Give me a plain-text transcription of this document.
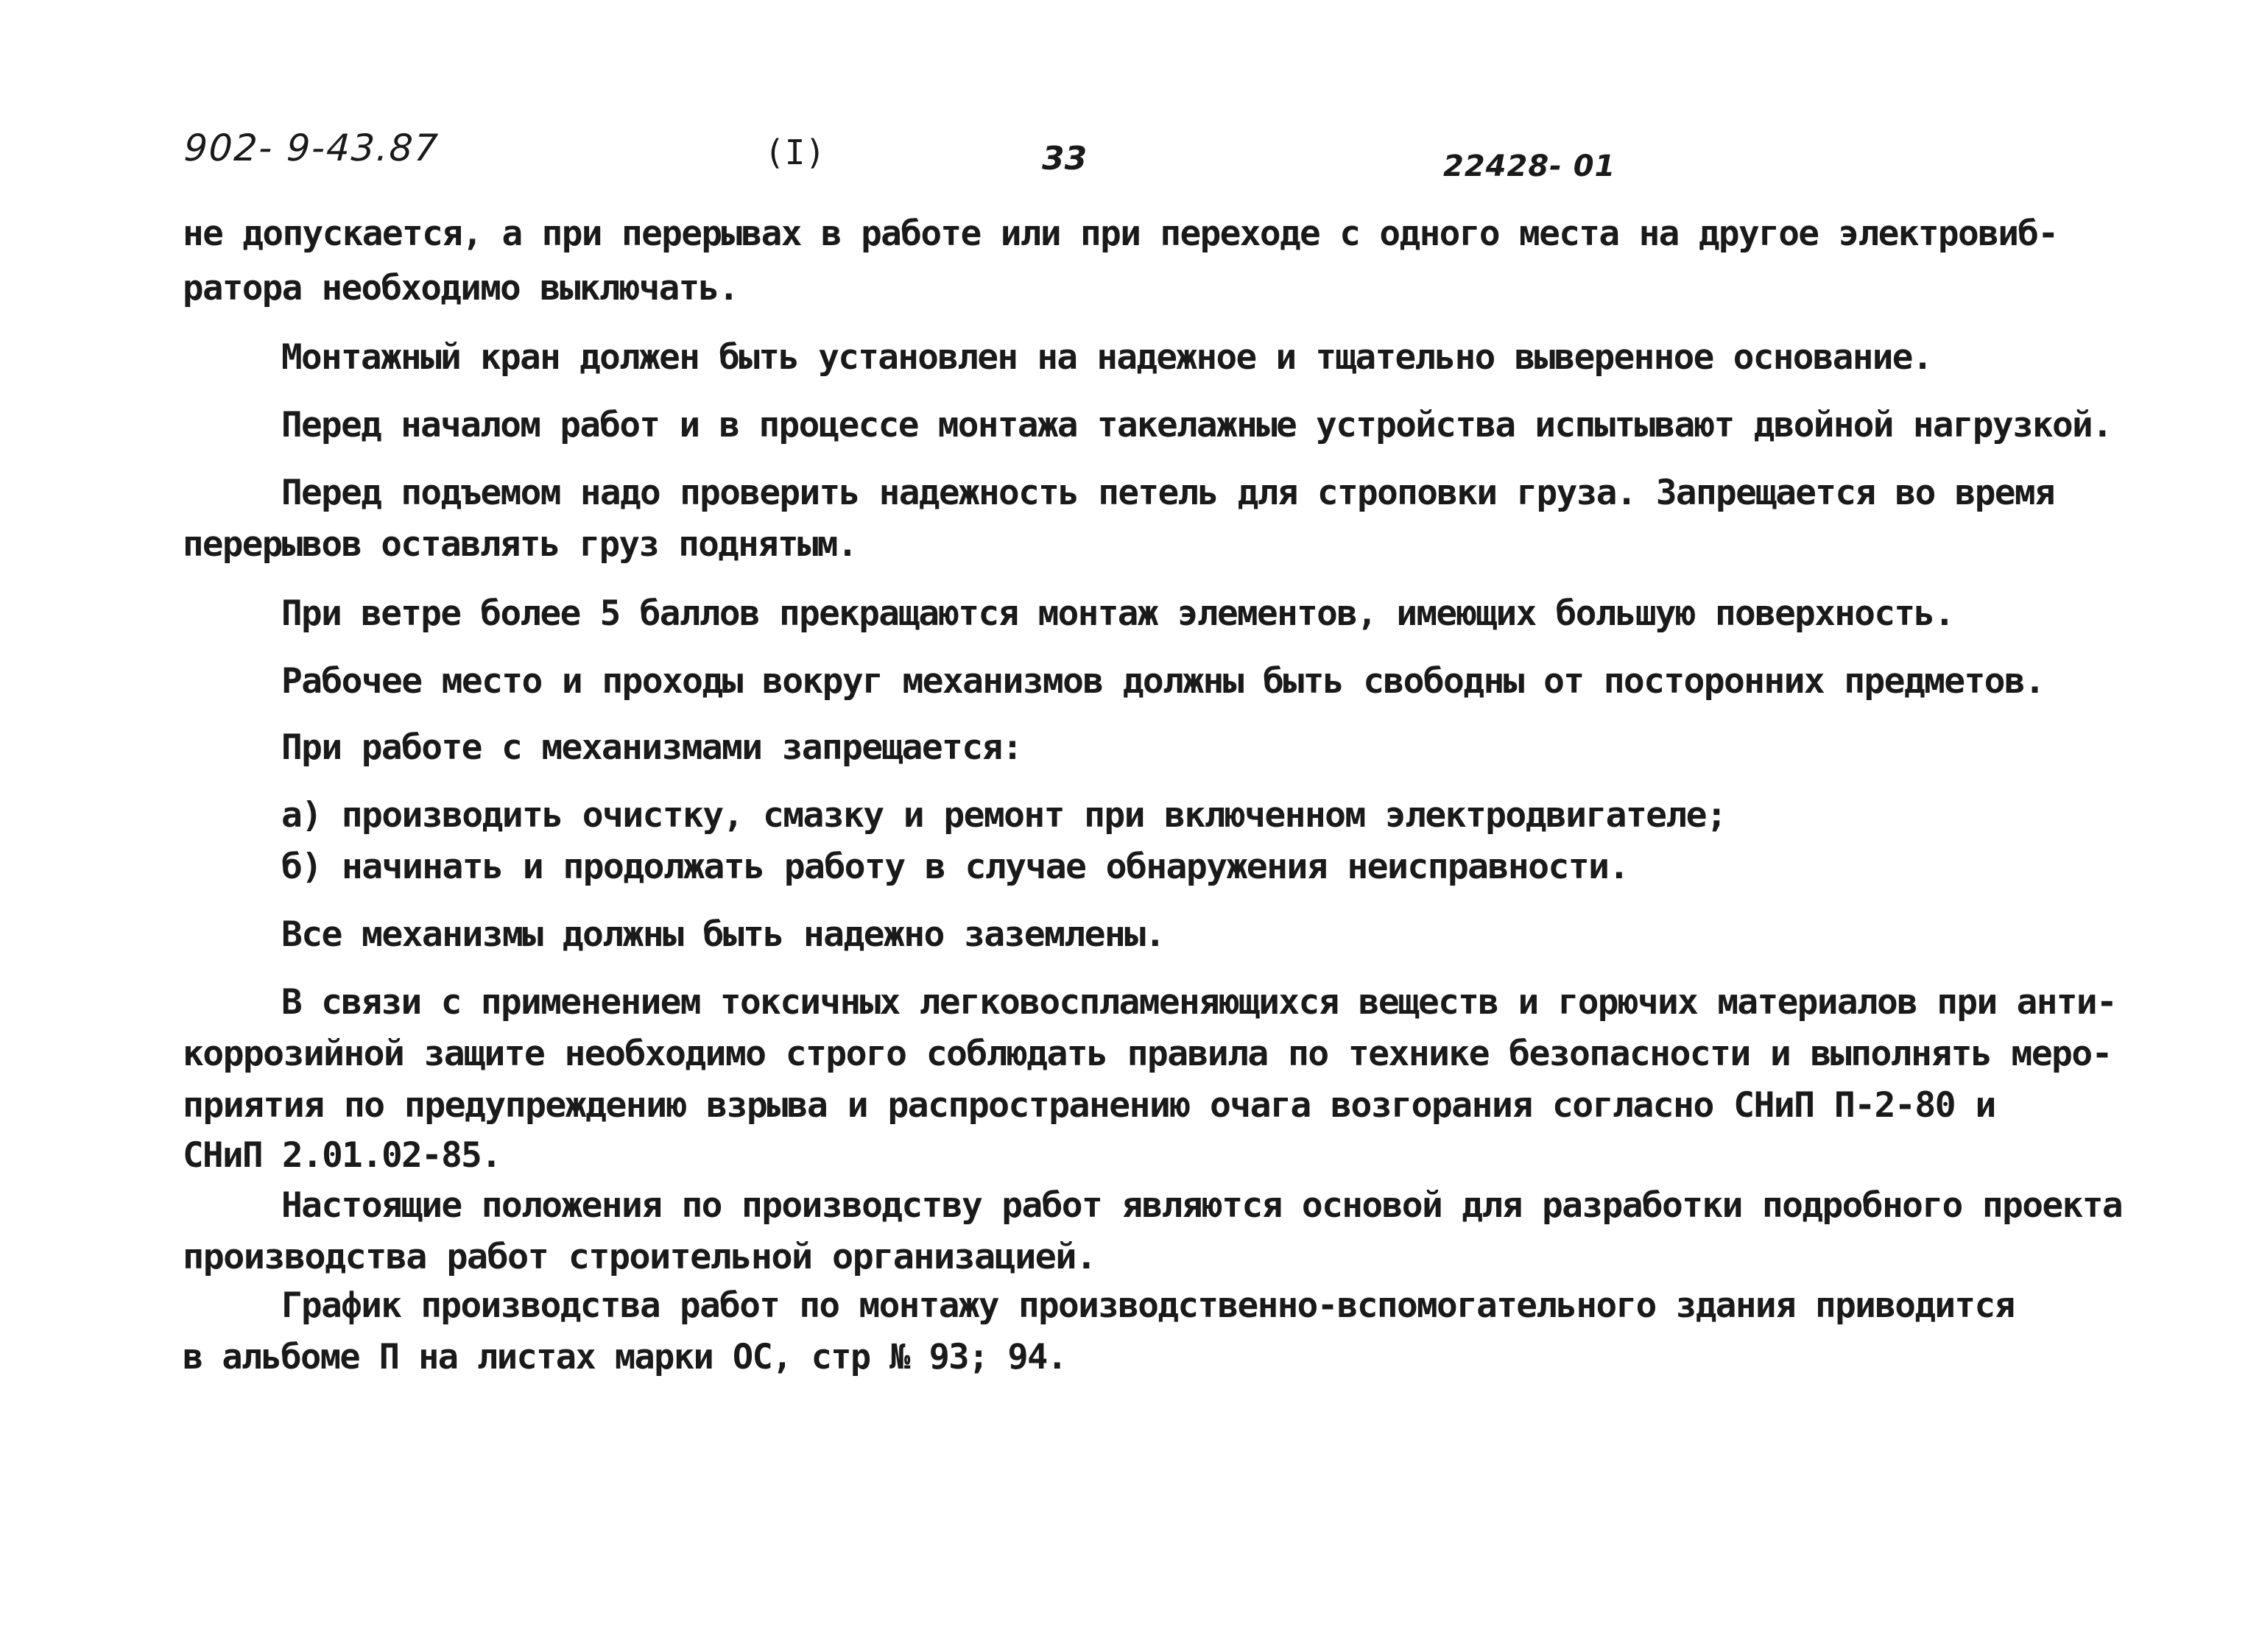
902- 9-43.87	(I)	33	22428- 01
не допускается, а при перерывах в работе или при переходе с одного места на другое электровиб-
ратора необходимо выключать.
Монтажный кран должен быть установлен на надежное и тщательно выверенное основание.
Перед началом работ и в процессе монтажа такелажные устройства испытывают двойной нагрузкой.
Перед подъемом надо проверить надежность петель для строповки груза. Запрещается во время
перерывов оставлять груз поднятым.
При ветре более 5 баллов прекращаются монтаж элементов, имеющих большую поверхность.
Рабочее место и проходы вокруг механизмов должны быть свободны от посторонних предметов.
При работе с механизмами запрещается:
а) производить очистку, смазку и ремонт при включенном электродвигателе;
б) начинать и продолжать работу в случае обнаружения неисправности.
Все механизмы должны быть надежно заземлены.
В связи с применением токсичных легковоспламеняющихся веществ и горючих материалов при анти-
коррозийной защите необходимо строго соблюдать правила по технике безопасности и выполнять меро-
приятия по предупреждению взрыва и распространению очага возгорания согласно СНиП П-2-80 и
СНиП 2.01.02-85.
Настоящие положения по производству работ являются основой для разработки подробного проекта
производства работ строительной организацией.
График производства работ по монтажу производственно-вспомогательного здания приводится
в альбоме П на листах марки ОС, стр № 93; 94.
